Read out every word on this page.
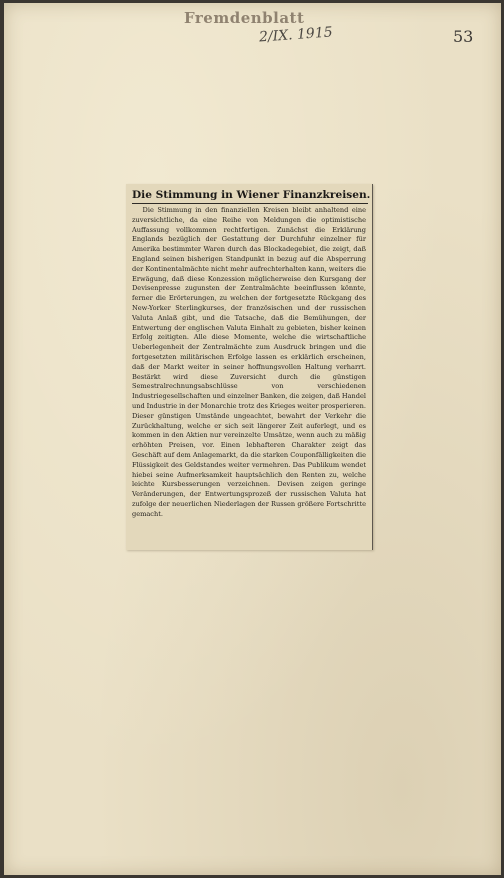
Fremdenblatt
2/IX. 1915	53
Die Stimmung in Wiener Finanzkreisen.

Die Stimmung in den finanziellen Kreisen bleibt anhaltend eine zuversichtliche, da eine Reihe von Meldungen die optimistische Auffassung vollkommen rechtfertigen. Zunächst die Erklärung Englands bezüglich der Gestattung der Durchfuhr einzelner für Amerika bestimmter Waren durch das Blockadegebiet, die zeigt, daß England seinen bisherigen Standpunkt in bezug auf die Absperrung der Kontinentalmächte nicht mehr aufrechterhalten kann, weiters die Erwägung, daß diese Konzession möglicherweise den Kursgang der Devisenpresse zugunsten der Zentralmächte beeinflussen könnte, ferner die Erörterungen, zu welchen der fortgesetzte Rückgang des New-Yorker Sterlingkurses, der französischen und der russischen Valuta Anlaß gibt, und die Tatsache, daß die Bemühungen, der Entwertung der englischen Valuta Einhalt zu gebieten, bisher keinen Erfolg zeitigten. Alle diese Momente, welche die wirtschaftliche Ueberlegenheit der Zentralmächte zum Ausdruck bringen und die fortgesetzten militärischen Erfolge lassen es erklärlich erscheinen, daß der Markt weiter in seiner hoffnungsvollen Haltung verharrt. Bestärkt wird diese Zuversicht durch die günstigen Semestralrechnungsabschlüsse von verschiedenen Industriegesellschaften und einzelner Banken, die zeigen, daß Handel und Industrie in der Monarchie trotz des Krieges weiter prosperieren. Dieser günstigen Umstände ungeachtet, bewahrt der Verkehr die Zurückhaltung, welche er sich seit längerer Zeit auferlegt, und es kommen in den Aktien nur vereinzelte Umsätze, wenn auch zu mäßig erhöhten Preisen, vor. Einen lebhafteren Charakter zeigt das Geschäft auf dem Anlagemarkt, da die starken Couponfälligkeiten die Flüssigkeit des Geldstandes weiter vermehren. Das Publikum wendet hiebei seine Aufmerksamkeit hauptsächlich den Renten zu, welche leichte Kursbesserungen verzeichnen. Devisen zeigen geringe Veränderungen, der Entwertungsprozeß der russischen Valuta hat zufolge der neuerlichen Niederlagen der Russen größere Fortschritte gemacht.
